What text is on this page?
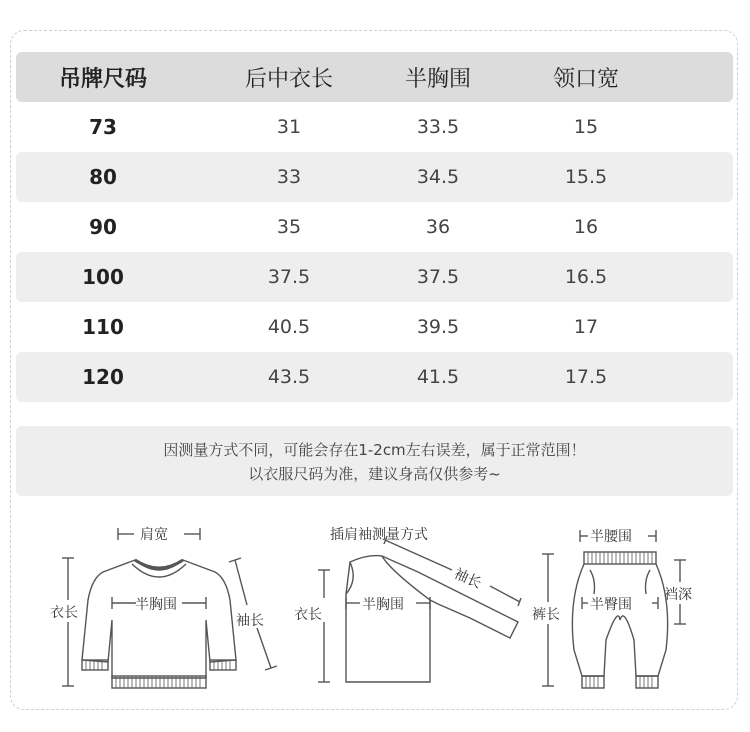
吊牌尺码	后中衣长	半胸围	领口宽
73	31	33.5	15
80	33	34.5	15.5
90	35	36	16
100	37.5	37.5	16.5
110	40.5	39.5	17
120	43.5	41.5	17.5
因测量方式不同，可能会存在1-2cm左右误差，属于正常范围！
以衣服尺码为准，建议身高仅供参考~
肩宽
衣长	半胸围
袖长
插肩袖测量方式
衣长
半胸围
袖长
半腰围
裤长
半臀围
裆深
